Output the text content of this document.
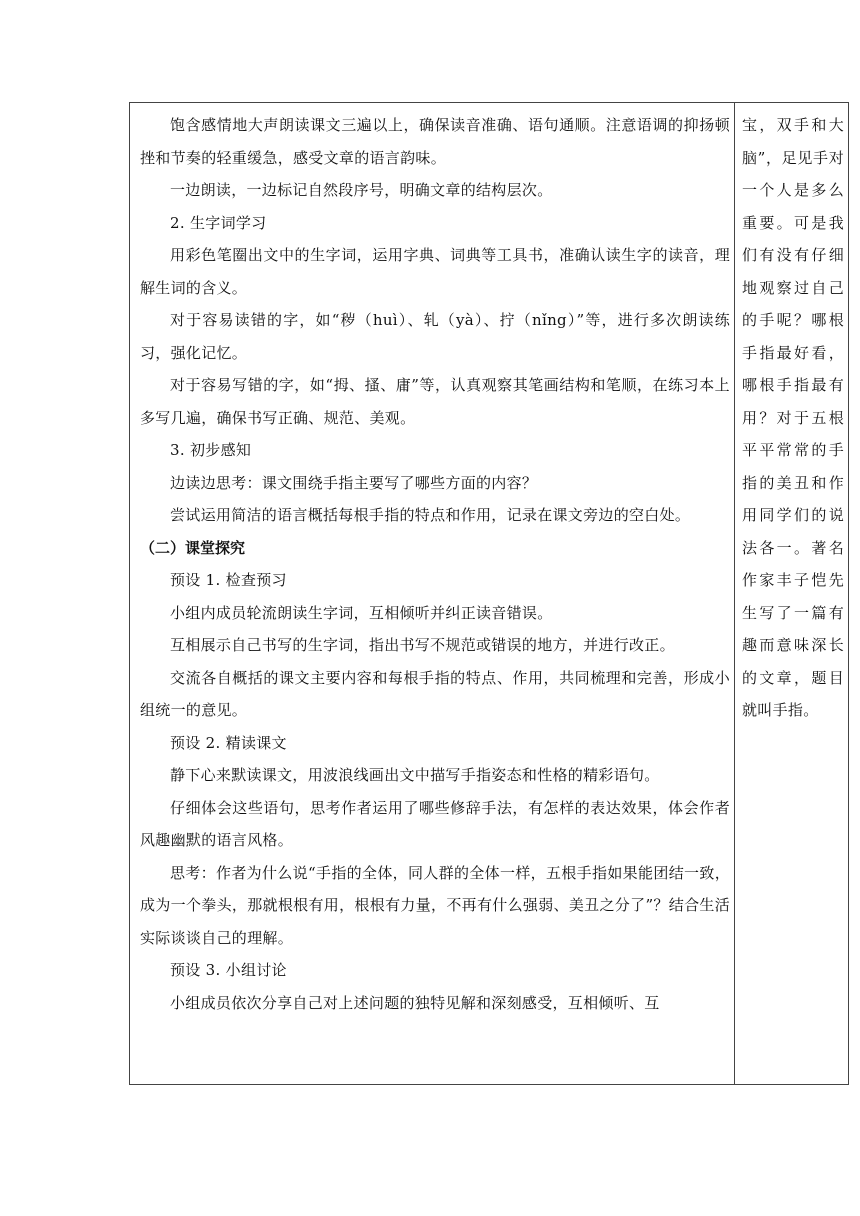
饱含感情地大声朗读课文三遍以上，确保读音准确、语句通顺。注意语调的抑扬顿挫和节奏的轻重缓急，感受文章的语言韵味。

一边朗读，一边标记自然段序号，明确文章的结构层次。

2. 生字词学习

用彩色笔圈出文中的生字词，运用字典、词典等工具书，准确认读生字的读音，理解生词的含义。

对于容易读错的字，如“秽（huì）、轧（yà）、拧（nǐng）”等，进行多次朗读练习，强化记忆。

对于容易写错的字，如“拇、搔、庸”等，认真观察其笔画结构和笔顺，在练习本上多写几遍，确保书写正确、规范、美观。

3. 初步感知

边读边思考：课文围绕手指主要写了哪些方面的内容？

尝试运用简洁的语言概括每根手指的特点和作用，记录在课文旁边的空白处。

（二）课堂探究

预设 1. 检查预习

小组内成员轮流朗读生字词，互相倾听并纠正读音错误。

互相展示自己书写的生字词，指出书写不规范或错误的地方，并进行改正。

交流各自概括的课文主要内容和每根手指的特点、作用，共同梳理和完善，形成小组统一的意见。

预设 2. 精读课文

静下心来默读课文，用波浪线画出文中描写手指姿态和性格的精彩语句。

仔细体会这些语句，思考作者运用了哪些修辞手法，有怎样的表达效果，体会作者风趣幽默的语言风格。

思考：作者为什么说“手指的全体，同人群的全体一样，五根手指如果能团结一致，成为一个拳头，那就根根有用，根根有力量，不再有什么强弱、美丑之分了”？结合生活实际谈谈自己的理解。

预设 3. 小组讨论

小组成员依次分享自己对上述问题的独特见解和深刻感受，互相倾听、互

宝，双手和大脑”，足见手对一个人是多么重要。可是我们有没有仔细地观察过自己的手呢？哪根手指最好看，哪根手指最有用？对于五根平平常常的手指的美丑和作用同学们的说法各一。著名作家丰子恺先生写了一篇有趣而意味深长的文章，题目就叫手指。
